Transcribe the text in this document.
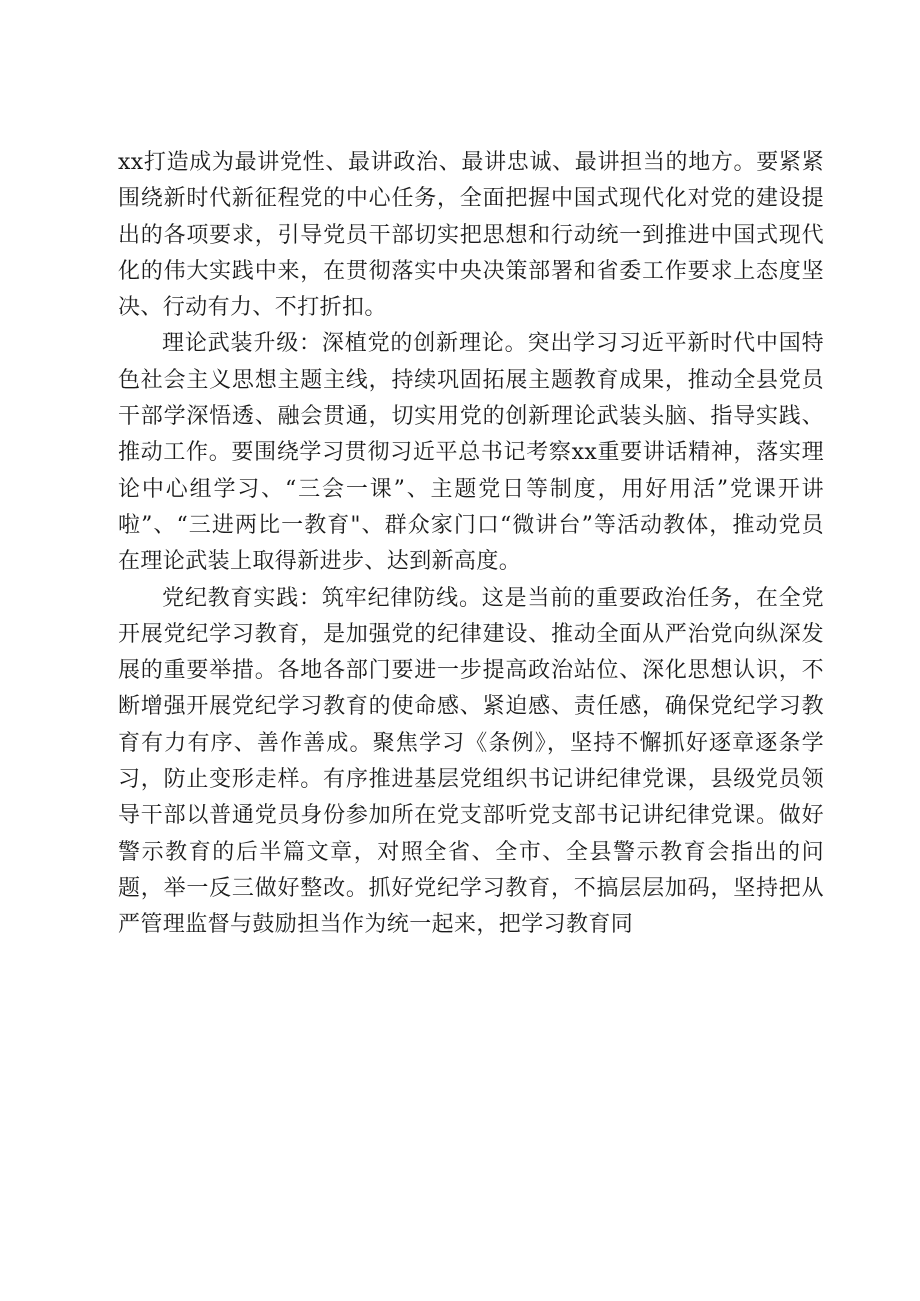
xx打造成为最讲党性、最讲政治、最讲忠诚、最讲担当的地方。要紧紧围绕新时代新征程党的中心任务，全面把握中国式现代化对党的建设提出的各项要求，引导党员干部切实把思想和行动统一到推进中国式现代化的伟大实践中来，在贯彻落实中央决策部署和省委工作要求上态度坚决、行动有力、不打折扣。

理论武装升级：深植党的创新理论。突出学习习近平新时代中国特色社会主义思想主题主线，持续巩固拓展主题教育成果，推动全县党员干部学深悟透、融会贯通，切实用党的创新理论武装头脑、指导实践、推动工作。要围绕学习贯彻习近平总书记考察xx重要讲话精神，落实理论中心组学习、“三会一课”、主题党日等制度，用好用活”党课开讲啦”、“三进两比一教育"、群众家门口“微讲台”等活动教体，推动党员在理论武装上取得新进步、达到新高度。

党纪教育实践：筑牢纪律防线。这是当前的重要政治任务，在全党开展党纪学习教育，是加强党的纪律建设、推动全面从严治党向纵深发展的重要举措。各地各部门要进一步提高政治站位、深化思想认识，不断增强开展党纪学习教育的使命感、紧迫感、责任感，确保党纪学习教育有力有序、善作善成。聚焦学习《条例》，坚持不懈抓好逐章逐条学习，防止变形走样。有序推进基层党组织书记讲纪律党课，县级党员领导干部以普通党员身份参加所在党支部听党支部书记讲纪律党课。做好警示教育的后半篇文章，对照全省、全市、全县警示教育会指出的问题，举一反三做好整改。抓好党纪学习教育，不搞层层加码，坚持把从严管理监督与鼓励担当作为统一起来，把学习教育同
